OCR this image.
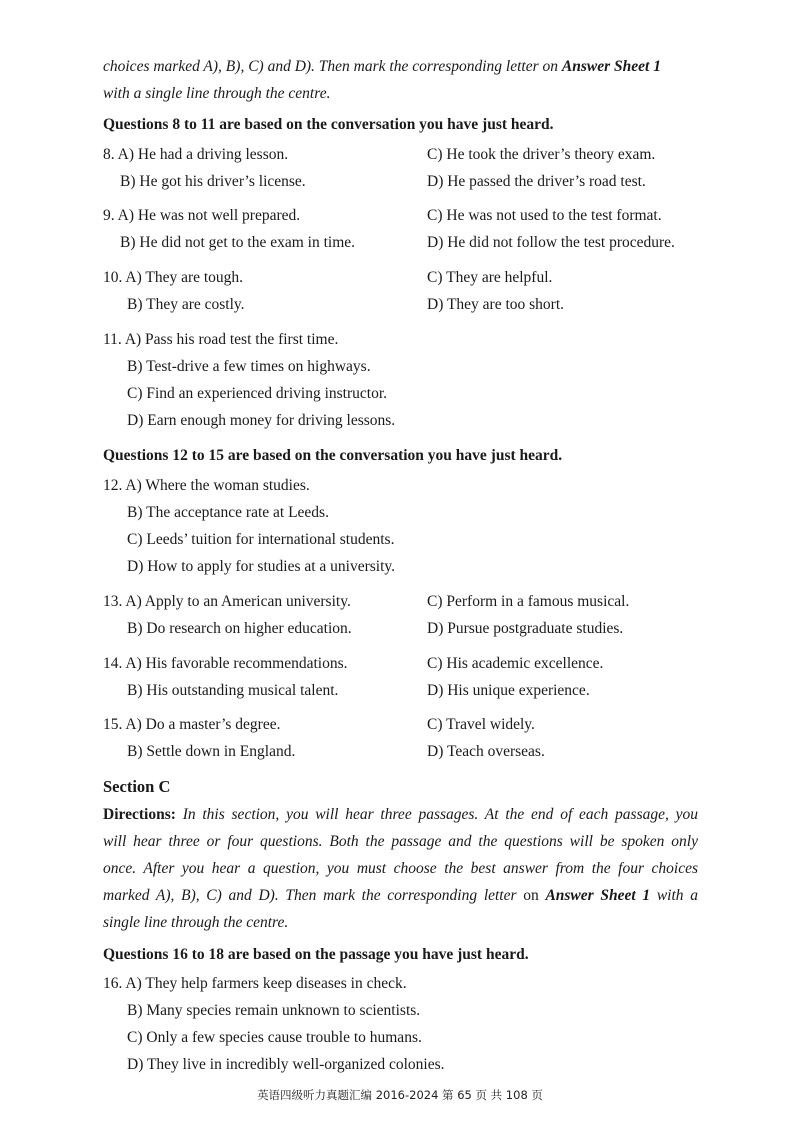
choices marked A), B), C) and D). Then mark the corresponding letter on Answer Sheet 1
with a single line through the centre.
Questions 8 to 11 are based on the conversation you have just heard.
8. A) He had a driving lesson.	C) He took the driver’s theory exam.
B) He got his driver’s license.	D) He passed the driver’s road test.
9. A) He was not well prepared.	C) He was not used to the test format.
B) He did not get to the exam in time.	D) He did not follow the test procedure.
10. A) They are tough.	C) They are helpful.
B) They are costly.	D) They are too short.
11. A) Pass his road test the first time.
B) Test-drive a few times on highways.
C) Find an experienced driving instructor.
D) Earn enough money for driving lessons.
Questions 12 to 15 are based on the conversation you have just heard.
12. A) Where the woman studies.
B) The acceptance rate at Leeds.
C) Leeds’ tuition for international students.
D) How to apply for studies at a university.
13. A) Apply to an American university.	C) Perform in a famous musical.
B) Do research on higher education.	D) Pursue postgraduate studies.
14. A) His favorable recommendations.	C) His academic excellence.
B) His outstanding musical talent.	D) His unique experience.
15. A) Do a master’s degree.	C) Travel widely.
B) Settle down in England.	D) Teach overseas.
Section C
Directions: In this section, you will hear three passages. At the end of each passage, you
will hear three or four questions. Both the passage and the questions will be spoken only
once. After you hear a question, you must choose the best answer from the four choices
marked A), B), C) and D). Then mark the corresponding letter on Answer Sheet 1 with a
single line through the centre.
Questions 16 to 18 are based on the passage you have just heard.
16. A) They help farmers keep diseases in check.
B) Many species remain unknown to scientists.
C) Only a few species cause trouble to humans.
D) They live in incredibly well-organized colonies.
英语四级听力真题汇编 2016-2024 第 65 页 共 108 页
